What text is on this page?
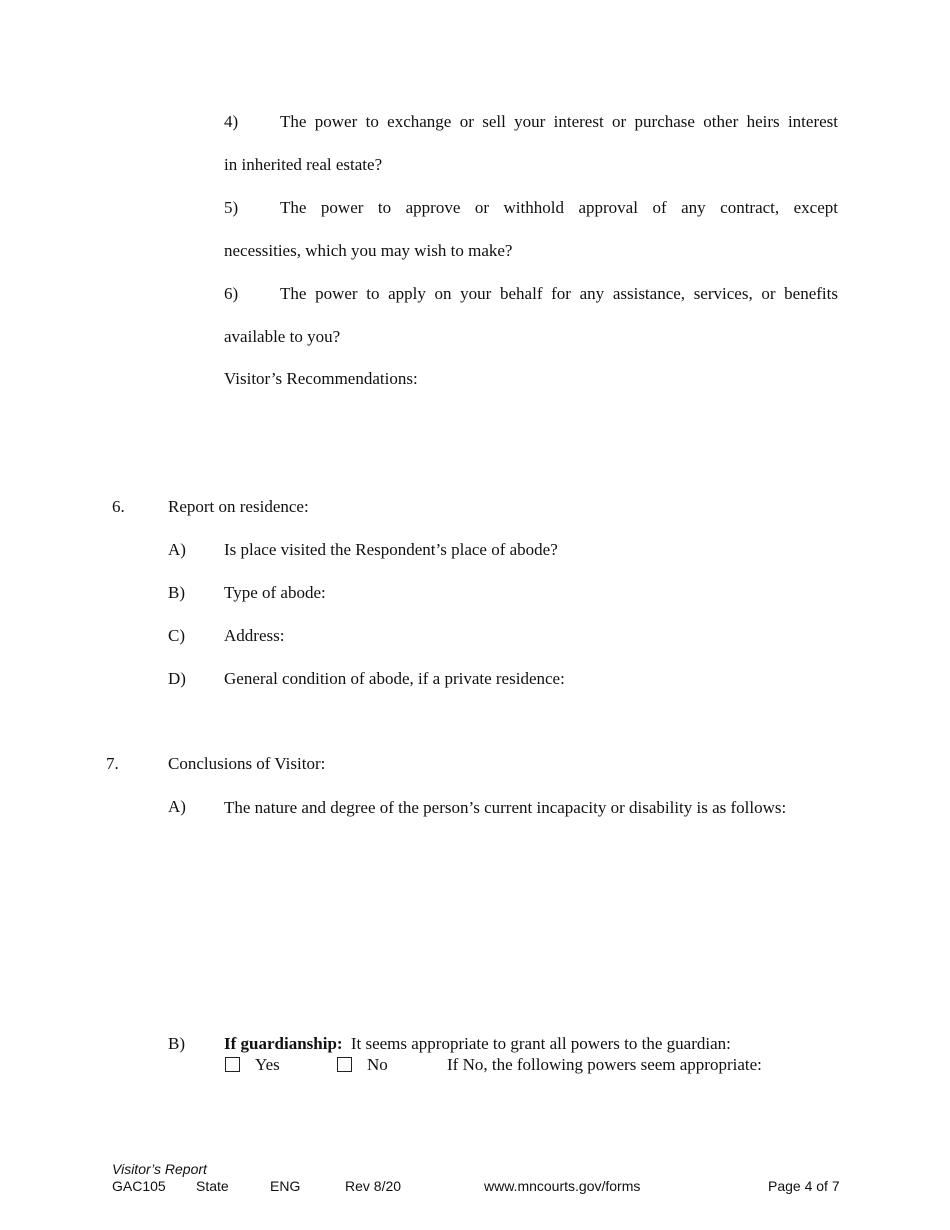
4) The power to exchange or sell your interest or purchase other heirs interest
in inherited real estate?
5) The power to approve or withhold approval of any contract, except
necessities, which you may wish to make?
6) The power to apply on your behalf for any assistance, services, or benefits
available to you?
Visitor’s Recommendations:
6.	Report on residence:
A) Is place visited the Respondent’s place of abode?
B) Type of abode:
C) Address:
D) General condition of abode, if a private residence:
7.	Conclusions of Visitor:
A) The nature and degree of the person’s current incapacity or disability is as follows:
B) If guardianship: It seems appropriate to grant all powers to the guardian:
Yes	No	If No, the following powers seem appropriate:
Visitor’s Report
GAC105 State	ENG	Rev 8/20	www.mncourts.gov/forms	Page 4 of 7
